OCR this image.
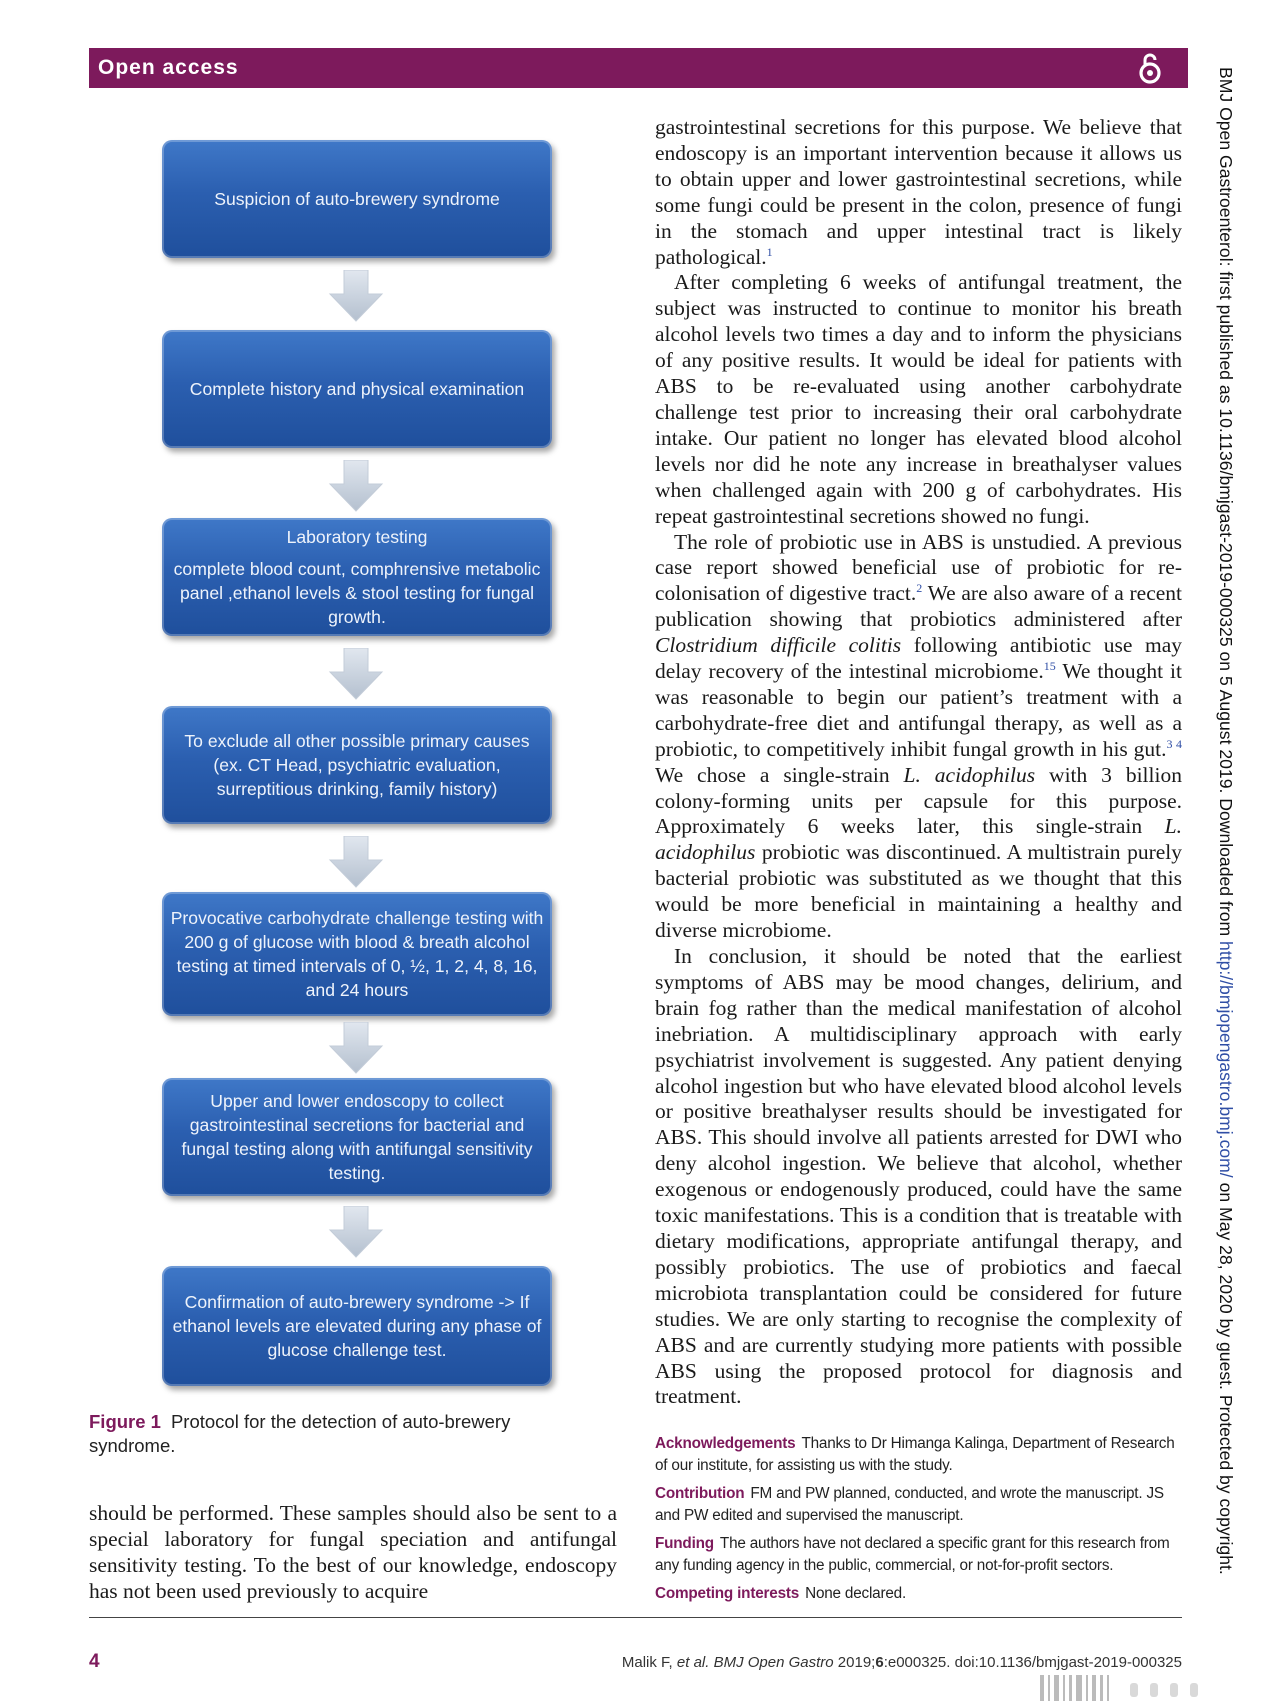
Open access	BMJ Open Gastroenterol: first published as 10.1136/bmjgast-2019-000325 on 5 August 2019. Downloaded from http://bmjopengastro.bmj.com/ on May 28, 2020 by guest. Protected by copyright.
Suspicion of auto-brewery syndrome
Complete history and physical examination
Laboratory testing
complete blood count, comphrensive metabolic panel ,ethanol levels & stool testing for fungal growth.
To exclude all other possible primary causes (ex. CT Head, psychiatric evaluation, surreptitious drinking, family history)
Provocative carbohydrate challenge testing with 200 g of glucose with blood & breath alcohol testing at timed intervals of 0, ½, 1, 2, 4, 8, 16, and 24 hours
Upper and lower endoscopy to collect gastrointestinal secretions for bacterial and fungal testing along with antifungal sensitivity testing.
Confirmation of auto-brewery syndrome -> If ethanol levels are elevated during any phase of glucose challenge test.
Figure 1 Protocol for the detection of auto-brewery syndrome.
should be performed. These samples should also be sent to a special laboratory for fungal speciation and antifungal sensitivity testing. To the best of our knowledge, endoscopy has not been used previously to acquire

gastrointestinal secretions for this purpose. We believe that endoscopy is an important intervention because it allows us to obtain upper and lower gastrointestinal secretions, while some fungi could be present in the colon, presence of fungi in the stomach and upper intestinal tract is likely pathological.$^1$

After completing 6 weeks of antifungal treatment, the subject was instructed to continue to monitor his breath alcohol levels two times a day and to inform the physicians of any positive results. It would be ideal for patients with ABS to be re-evaluated using another carbohydrate challenge test prior to increasing their oral carbohydrate intake. Our patient no longer has elevated blood alcohol levels nor did he note any increase in breathalyser values when challenged again with 200 g of carbohydrates. His repeat gastrointestinal secretions showed no fungi.

The role of probiotic use in ABS is unstudied. A previous case report showed beneficial use of probiotic for re-colonisation of digestive tract.$^2$ We are also aware of a recent publication showing that probiotics administered after Clostridium difficile colitis following antibiotic use may delay recovery of the intestinal microbiome.$^{15}$ We thought it was reasonable to begin our patient’s treatment with a carbohydrate-free diet and antifungal therapy, as well as a probiotic, to competitively inhibit fungal growth in his gut.$^{3 4}$ We chose a single-strain L. acidophilus with 3 billion colony-forming units per capsule for this purpose. Approximately 6 weeks later, this single-strain L. acidophilus probiotic was discontinued. A multistrain purely bacterial probiotic was substituted as we thought that this would be more beneficial in maintaining a healthy and diverse microbiome.

In conclusion, it should be noted that the earliest symptoms of ABS may be mood changes, delirium, and brain fog rather than the medical manifestation of alcohol inebriation. A multidisciplinary approach with early psychiatrist involvement is suggested. Any patient denying alcohol ingestion but who have elevated blood alcohol levels or positive breathalyser results should be investigated for ABS. This should involve all patients arrested for DWI who deny alcohol ingestion. We believe that alcohol, whether exogenous or endogenously produced, could have the same toxic manifestations. This is a condition that is treatable with dietary modifications, appropriate antifungal therapy, and possibly probiotics. The use of probiotics and faecal microbiota transplantation could be considered for future studies. We are only starting to recognise the complexity of ABS and are currently studying more patients with possible ABS using the proposed protocol for diagnosis and treatment.

Acknowledgements Thanks to Dr Himanga Kalinga, Department of Research of our institute, for assisting us with the study.
Contribution FM and PW planned, conducted, and wrote the manuscript. JS and PW edited and supervised the manuscript.
Funding The authors have not declared a specific grant for this research from any funding agency in the public, commercial, or not-for-profit sectors.
Competing interests None declared.
4	Malik F, et al. BMJ Open Gastro 2019;6:e000325. doi:10.1136/bmjgast-2019-000325
